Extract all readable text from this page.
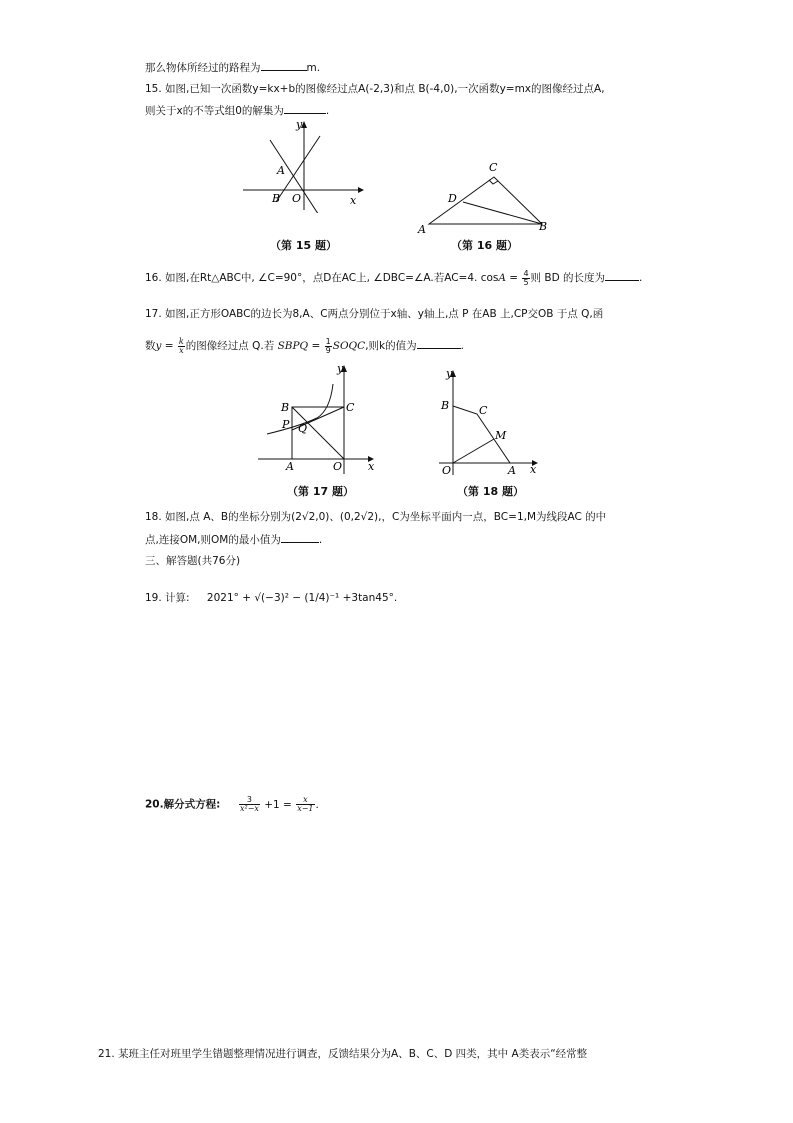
那么物体所经过的路程为	m.
15. 如图,已知一次函数y=kx+b的图像经过点A(-2,3)和点 B(-4,0),一次函数y=mx的图像经过点A,
则关于x的不等式组0的解集为	.
y
x
A
B O
（第 15 题）
A	B
C
D
（第 16 题）
16. 如图,在Rt△ABC中, ∠C=90°，点D在AC上, ∠DBC=∠A.若AC=4. $\cos A = \frac{4}{5}$ 则 BD 的长度为	.
17. 如图,正方形OABC的边长为8,A、C两点分别位于x轴、y轴上,点 P 在AB 上,CP交OB 于点 Q,函
数$y = \frac{k}{x}$ 的图像经过点 Q.若 SBPQ = $\frac{1}{9}$ SOQC,则k的值为	.
y
x
A
B	C
O
P Q
（第 17 题）
y
x
A
B	C
O
M
（第 18 题）
18. 如图,点 A、B的坐标分别为(2√2,0)、(0,2√2),，C为坐标平面内一点，BC=1,M为线段AC 的中
点,连接OM,则OM的最小值为	.
三、解答题(共76分)
19. 计算: 2021° + √(−3)² − (1/4)⁻¹ +3tan45°.
20.解分式方程: $\frac{3}{\text{x²−x}} +1 = \frac{x}{x-1}$ .
21. 某班主任对班里学生错题整理情况进行调查，反馈结果分为A、B、C、D 四类，其中 A类表示“经常整
